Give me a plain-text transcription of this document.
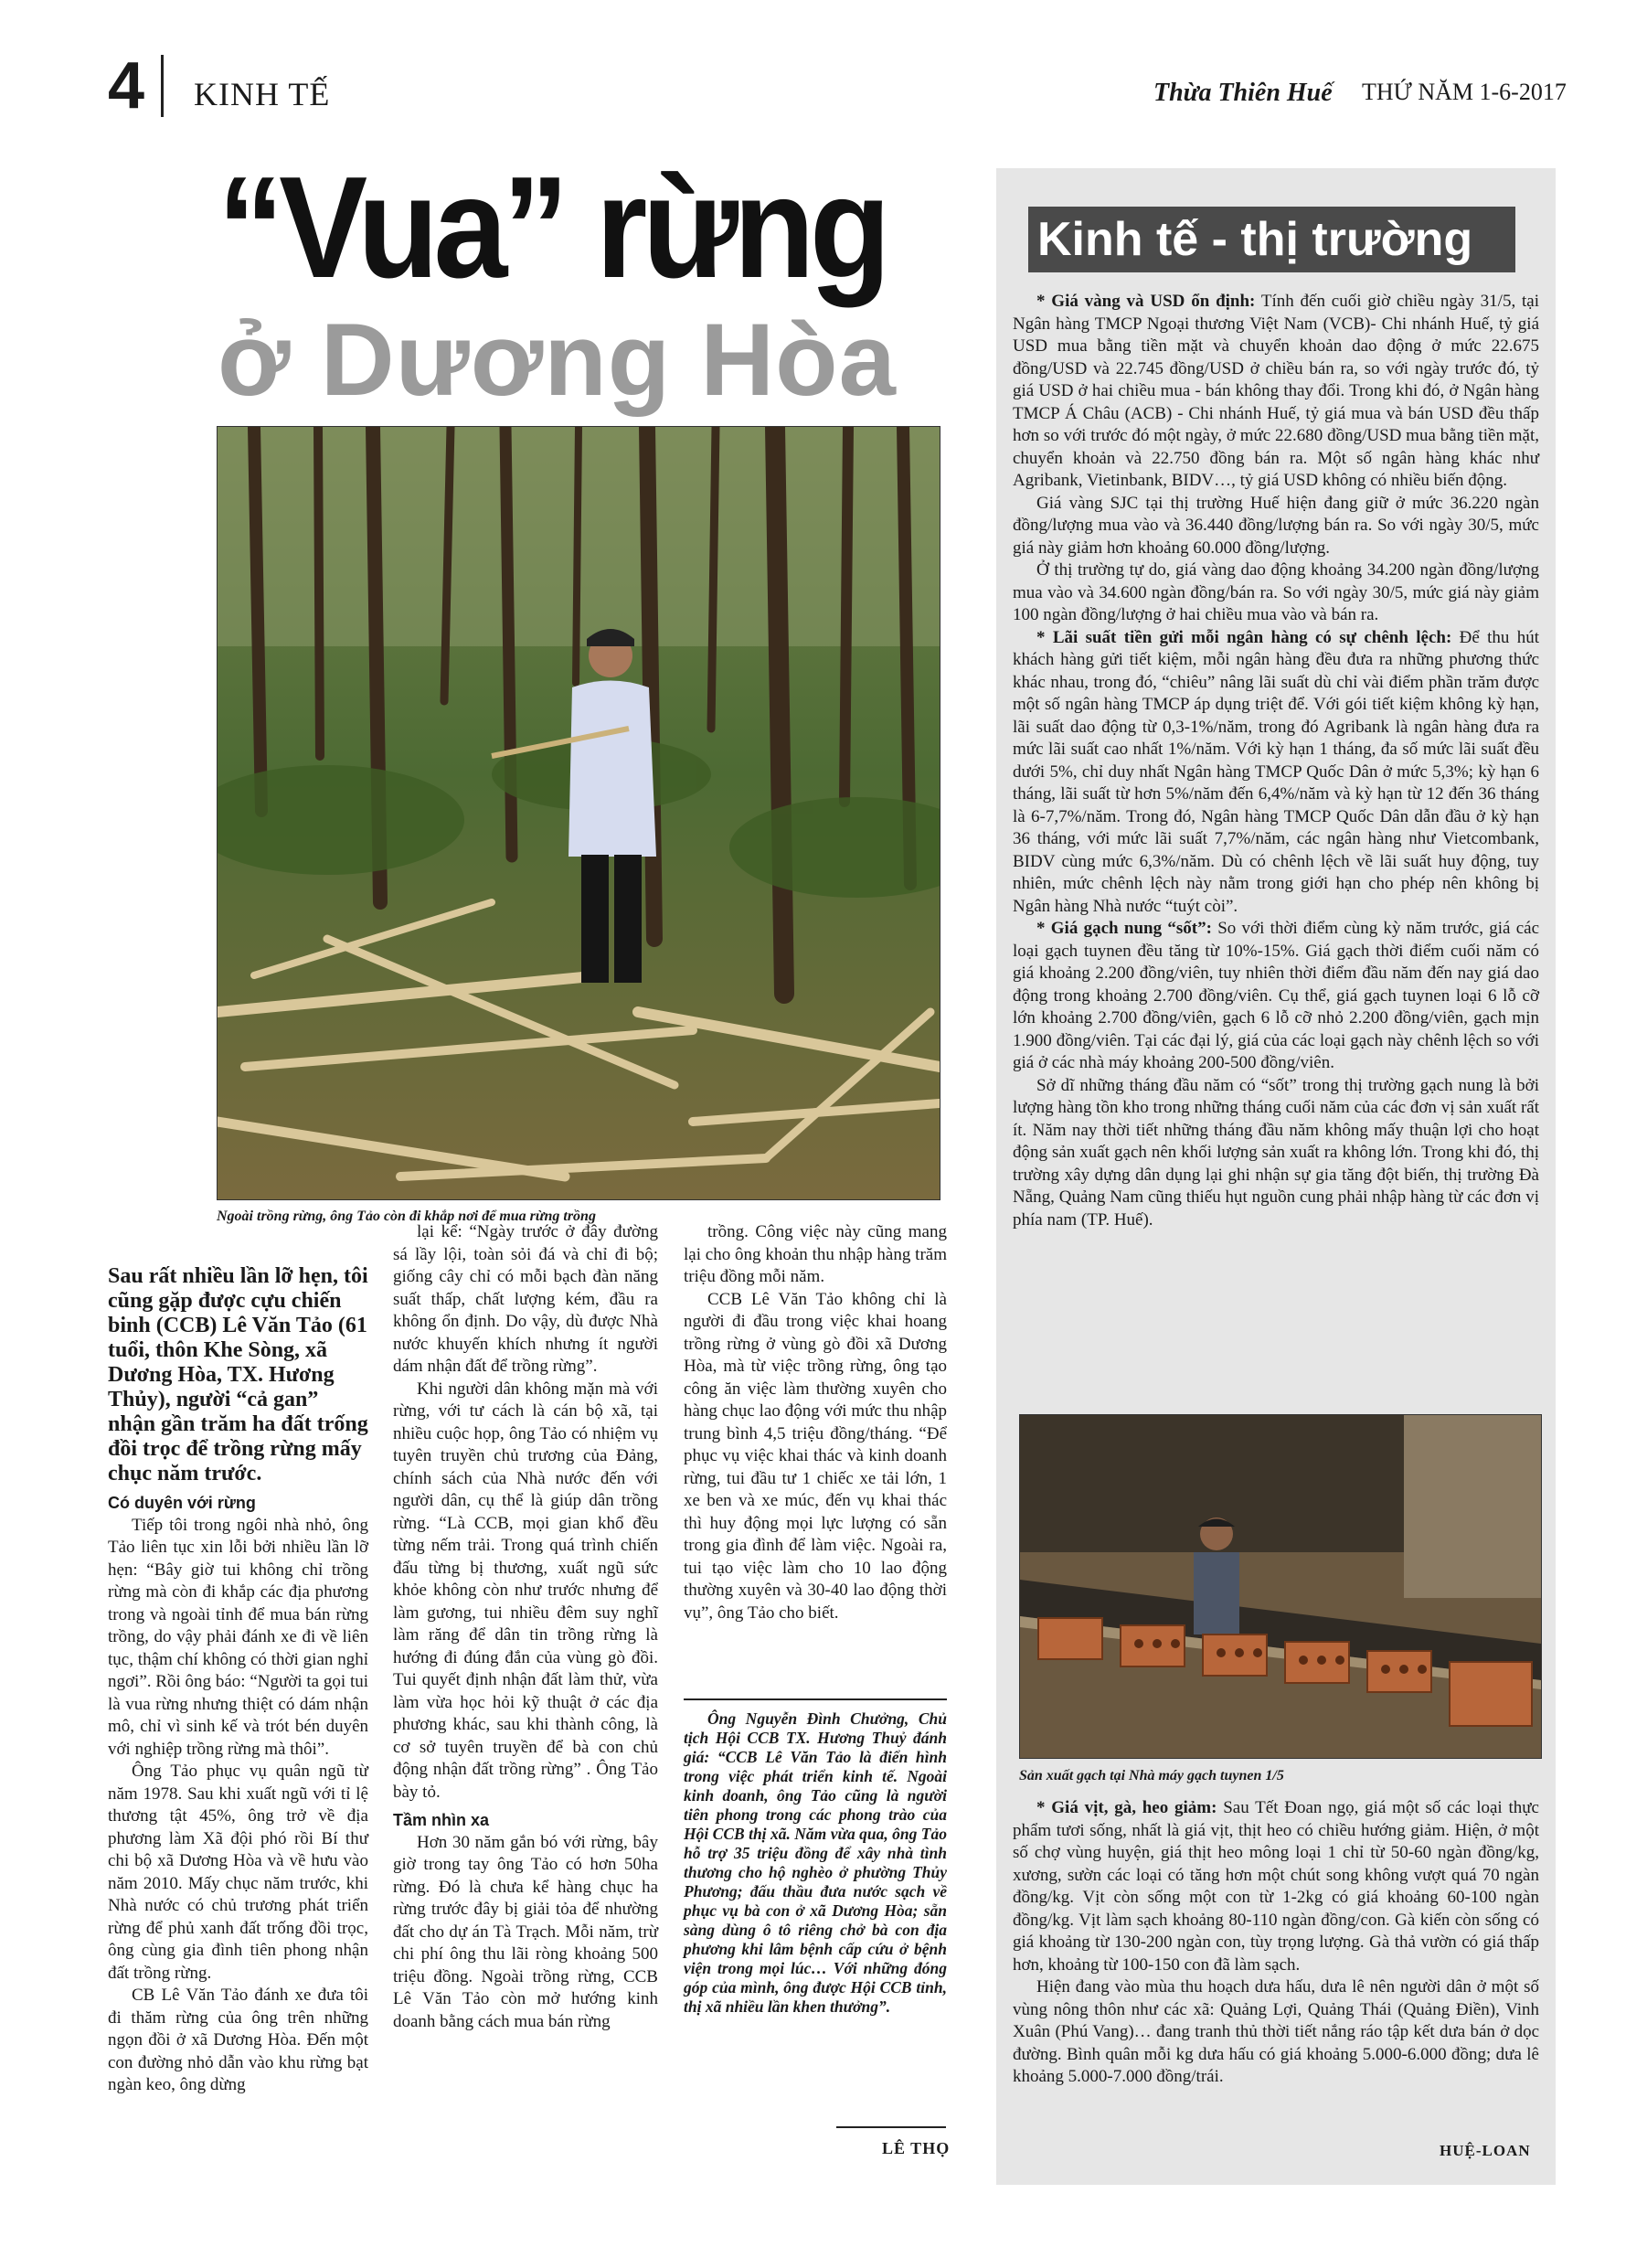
4 KINH TẾ	Thừa Thiên Huế THỨ NĂM 1-6-2017
“Vua” rừng
ở Dương Hòa
Ngoài trồng rừng, ông Tảo còn đi khắp nơi để mua rừng trồng

Sau rất nhiều lần lỡ hẹn, tôi cũng gặp được cựu chiến binh (CCB) Lê Văn Tảo (61 tuổi, thôn Khe Sòng, xã Dương Hòa, TX. Hương Thủy), người “cả gan” nhận gần trăm ha đất trống đồi trọc để trồng rừng mấy chục năm trước.

Có duyên với rừng

Tiếp tôi trong ngôi nhà nhỏ, ông Tảo liên tục xin lỗi bởi nhiều lần lỡ hẹn: “Bây giờ tui không chỉ trồng rừng mà còn đi khắp các địa phương trong và ngoài tỉnh để mua bán rừng trồng, do vậy phải đánh xe đi về liên tục, thậm chí không có thời gian nghỉ ngơi”. Rồi ông báo: “Người ta gọi tui là vua rừng nhưng thiệt có dám nhận mô, chỉ vì sinh kế và trót bén duyên với nghiệp trồng rừng mà thôi”.

Ông Tảo phục vụ quân ngũ từ năm 1978. Sau khi xuất ngũ với tỉ lệ thương tật 45%, ông trở về địa phương làm Xã đội phó rồi Bí thư chi bộ xã Dương Hòa và về hưu vào năm 2010. Mấy chục năm trước, khi Nhà nước có chủ trương phát triển rừng để phủ xanh đất trống đồi trọc, ông cùng gia đình tiên phong nhận đất trồng rừng.

CB Lê Văn Tảo đánh xe đưa tôi đi thăm rừng của ông trên những ngọn đồi ở xã Dương Hòa. Đến một con đường nhỏ dẫn vào khu rừng bạt ngàn keo, ông dừng

lại kể: “Ngày trước ở đây đường sá lầy lội, toàn sỏi đá và chỉ đi bộ; giống cây chỉ có mỗi bạch đàn năng suất thấp, chất lượng kém, đầu ra không ổn định. Do vậy, dù được Nhà nước khuyến khích nhưng ít người dám nhận đất để trồng rừng”.

Khi người dân không mặn mà với rừng, với tư cách là cán bộ xã, tại nhiều cuộc họp, ông Tảo có nhiệm vụ tuyên truyền chủ trương của Đảng, chính sách của Nhà nước đến với người dân, cụ thể là giúp dân trồng rừng. “Là CCB, mọi gian khổ đều từng nếm trải. Trong quá trình chiến đấu từng bị thương, xuất ngũ sức khỏe không còn như trước nhưng để làm gương, tui nhiều đêm suy nghĩ làm răng để dân tin trồng rừng là hướng đi đúng đắn của vùng gò đồi. Tui quyết định nhận đất làm thử, vừa làm vừa học hỏi kỹ thuật ở các địa phương khác, sau khi thành công, là cơ sở tuyên truyền để bà con chủ động nhận đất trồng rừng” . Ông Tảo bày tỏ.

Tầm nhìn xa

Hơn 30 năm gắn bó với rừng, bây giờ trong tay ông Tảo có hơn 50ha rừng. Đó là chưa kể hàng chục ha rừng trước đây bị giải tỏa để nhường đất cho dự án Tà Trạch. Mỗi năm, trừ chi phí ông thu lãi ròng khoảng 500 triệu đồng. Ngoài trồng rừng, CCB Lê Văn Tảo còn mở hướng kinh doanh bằng cách mua bán rừng

trồng. Công việc này cũng mang lại cho ông khoản thu nhập hàng trăm triệu đồng mỗi năm.

CCB Lê Văn Tảo không chỉ là người đi đầu trong việc khai hoang trồng rừng ở vùng gò đồi xã Dương Hòa, mà từ việc trồng rừng, ông tạo công ăn việc làm thường xuyên cho hàng chục lao động với mức thu nhập trung bình 4,5 triệu đồng/tháng. “Để phục vụ việc khai thác và kinh doanh rừng, tui đầu tư 1 chiếc xe tải lớn, 1 xe ben và xe múc, đến vụ khai thác thì huy động mọi lực lượng có sẵn trong gia đình để làm việc. Ngoài ra, tui tạo việc làm cho 10 lao động thường xuyên và 30-40 lao động thời vụ”, ông Tảo cho biết.

Ông Nguyễn Đình Chưởng, Chủ tịch Hội CCB TX. Hương Thuỷ đánh giá: “CCB Lê Văn Tảo là điển hình trong việc phát triển kinh tế. Ngoài kinh doanh, ông Tảo cũng là người tiên phong trong các phong trào của Hội CCB thị xã. Năm vừa qua, ông Tảo hỗ trợ 35 triệu đồng để xây nhà tình thương cho hộ nghèo ở phường Thủy Phương; đấu thầu đưa nước sạch về phục vụ bà con ở xã Dương Hòa; sẵn sàng dùng ô tô riêng chở bà con địa phương khi lâm bệnh cấp cứu ở bệnh viện trong mọi lúc… Với những đóng góp của mình, ông được Hội CCB tỉnh, thị xã nhiều lần khen thưởng”.

LÊ THỌ
Kinh tế - thị trường

* Giá vàng và USD ổn định: Tính đến cuối giờ chiều ngày 31/5, tại Ngân hàng TMCP Ngoại thương Việt Nam (VCB)- Chi nhánh Huế, tỷ giá USD mua bằng tiền mặt và chuyển khoản dao động ở mức 22.675 đồng/USD và 22.745 đồng/USD ở chiều bán ra, so với ngày trước đó, tỷ giá USD ở hai chiều mua - bán không thay đổi. Trong khi đó, ở Ngân hàng TMCP Á Châu (ACB) - Chi nhánh Huế, tỷ giá mua và bán USD đều thấp hơn so với trước đó một ngày, ở mức 22.680 đồng/USD mua bằng tiền mặt, chuyển khoản và 22.750 đồng bán ra. Một số ngân hàng khác như Agribank, Vietinbank, BIDV…, tỷ giá USD không có nhiều biến động.

Giá vàng SJC tại thị trường Huế hiện đang giữ ở mức 36.220 ngàn đồng/lượng mua vào và 36.440 đồng/lượng bán ra. So với ngày 30/5, mức giá này giảm hơn khoảng 60.000 đồng/lượng.

Ở thị trường tự do, giá vàng dao động khoảng 34.200 ngàn đồng/lượng mua vào và 34.600 ngàn đồng/bán ra. So với ngày 30/5, mức giá này giảm 100 ngàn đồng/lượng ở hai chiều mua vào và bán ra.

* Lãi suất tiền gửi mỗi ngân hàng có sự chênh lệch: Để thu hút khách hàng gửi tiết kiệm, mỗi ngân hàng đều đưa ra những phương thức khác nhau, trong đó, “chiêu” nâng lãi suất dù chỉ vài điểm phần trăm được một số ngân hàng TMCP áp dụng triệt để. Với gói tiết kiệm không kỳ hạn, lãi suất dao động từ 0,3-1%/năm, trong đó Agribank là ngân hàng đưa ra mức lãi suất cao nhất 1%/năm. Với kỳ hạn 1 tháng, đa số mức lãi suất đều dưới 5%, chỉ duy nhất Ngân hàng TMCP Quốc Dân ở mức 5,3%; kỳ hạn 6 tháng, lãi suất từ hơn 5%/năm đến 6,4%/năm và kỳ hạn từ 12 đến 36 tháng là 6-7,7%/năm. Trong đó, Ngân hàng TMCP Quốc Dân dẫn đầu ở kỳ hạn 36 tháng, với mức lãi suất 7,7%/năm, các ngân hàng như Vietcombank, BIDV cùng mức 6,3%/năm. Dù có chênh lệch về lãi suất huy động, tuy nhiên, mức chênh lệch này nằm trong giới hạn cho phép nên không bị Ngân hàng Nhà nước “tuýt còi”.

* Giá gạch nung “sốt”: So với thời điểm cùng kỳ năm trước, giá các loại gạch tuynen đều tăng từ 10%-15%. Giá gạch thời điểm cuối năm có giá khoảng 2.200 đồng/viên, tuy nhiên thời điểm đầu năm đến nay giá dao động trong khoảng 2.700 đồng/viên. Cụ thể, giá gạch tuynen loại 6 lỗ cỡ lớn khoảng 2.700 đồng/viên, gạch 6 lỗ cỡ nhỏ 2.200 đồng/viên, gạch mịn 1.900 đồng/viên. Tại các đại lý, giá của các loại gạch này chênh lệch so với giá ở các nhà máy khoảng 200-500 đồng/viên.

Sở dĩ những tháng đầu năm có “sốt” trong thị trường gạch nung là bởi lượng hàng tồn kho trong những tháng cuối năm của các đơn vị sản xuất rất ít. Năm nay thời tiết những tháng đầu năm không mấy thuận lợi cho hoạt động sản xuất gạch nên khối lượng sản xuất ra không lớn. Trong khi đó, thị trường xây dựng dân dụng lại ghi nhận sự gia tăng đột biến, thị trường Đà Nẵng, Quảng Nam cũng thiếu hụt nguồn cung phải nhập hàng từ các đơn vị phía nam (TP. Huế).

Sản xuất gạch tại Nhà máy gạch tuynen 1/5

* Giá vịt, gà, heo giảm: Sau Tết Đoan ngọ, giá một số các loại thực phẩm tươi sống, nhất là giá vịt, thịt heo có chiều hướng giảm. Hiện, ở một số chợ vùng huyện, giá thịt heo mông loại 1 chỉ từ 50-60 ngàn đồng/kg, xương, sườn các loại có tăng hơn một chút song không vượt quá 70 ngàn đồng/kg. Vịt còn sống một con từ 1-2kg có giá khoảng 60-100 ngàn đồng/kg. Vịt làm sạch khoảng 80-110 ngàn đồng/con. Gà kiến còn sống có giá khoảng từ 130-200 ngàn con, tùy trọng lượng. Gà thả vườn có giá thấp hơn, khoảng từ 100-150 con đã làm sạch.

Hiện đang vào mùa thu hoạch dưa hấu, dưa lê nên người dân ở một số vùng nông thôn như các xã: Quảng Lợi, Quảng Thái (Quảng Điền), Vinh Xuân (Phú Vang)… đang tranh thủ thời tiết nắng ráo tập kết dưa bán ở dọc đường. Bình quân mỗi kg dưa hấu có giá khoảng 5.000-6.000 đồng; dưa lê khoảng 5.000-7.000 đồng/trái.

HUỆ-LOAN
